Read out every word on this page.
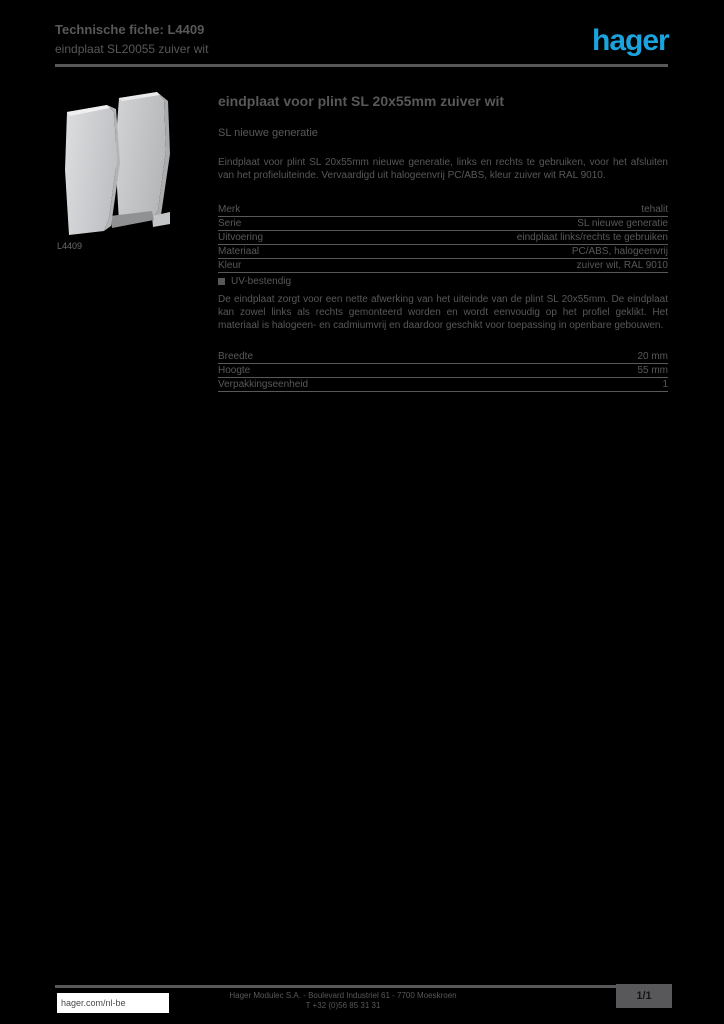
Technische fiche: L4409
eindplaat SL20055 zuiver wit	hager
L4409
eindplaat voor plint SL 20x55mm zuiver wit
SL nieuwe generatie
Eindplaat voor plint SL 20x55mm nieuwe generatie, links en rechts te gebruiken, voor het afsluiten van het profieluiteinde. Vervaardigd uit halogeenvrij PC/ABS, kleur zuiver wit RAL 9010.
Merk	tehalit
Serie	SL nieuwe generatie
Uitvoering	eindplaat links/rechts te gebruiken
Materiaal	PC/ABS, halogeenvrij
Kleur	zuiver wit, RAL 9010
UV-bestendig
De eindplaat zorgt voor een nette afwerking van het uiteinde van de plint SL 20x55mm. De eindplaat kan zowel links als rechts gemonteerd worden en wordt eenvoudig op het profiel geklikt. Het materiaal is halogeen- en cadmiumvrij en daardoor geschikt voor toepassing in openbare gebouwen.
Breedte	20 mm
Hoogte	55 mm
Verpakkingseenheid	1
hager.com/nl-be
Hager Modulec S.A. - Boulevard Industriel 61 - 7700 Moeskroen
T +32 (0)56 85 31 31
1/1
